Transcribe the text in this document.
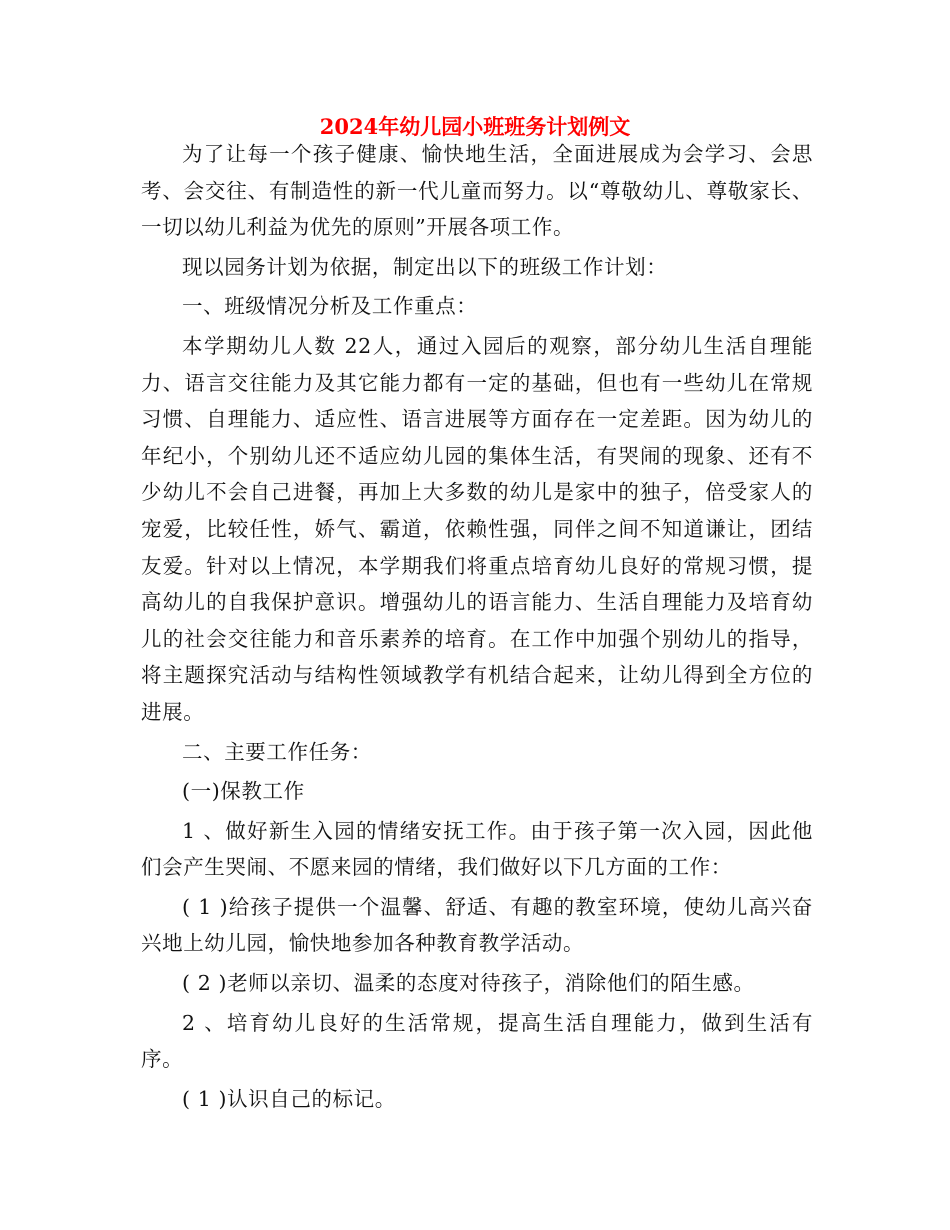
2024年幼儿园小班班务计划例文

为了让每一个孩子健康、愉快地生活，全面进展成为会学习、会思考、会交往、有制造性的新一代儿童而努力。以“尊敬幼儿、尊敬家长、一切以幼儿利益为优先的原则”开展各项工作。

现以园务计划为依据，制定出以下的班级工作计划：

一、班级情况分析及工作重点：

本学期幼儿人数 22人，通过入园后的观察，部分幼儿生活自理能力、语言交往能力及其它能力都有一定的基础，但也有一些幼儿在常规习惯、自理能力、适应性、语言进展等方面存在一定差距。因为幼儿的年纪小，个别幼儿还不适应幼儿园的集体生活，有哭闹的现象、还有不少幼儿不会自己进餐，再加上大多数的幼儿是家中的独子，倍受家人的宠爱，比较任性，娇气、霸道，依赖性强，同伴之间不知道谦让，团结友爱。针对以上情况，本学期我们将重点培育幼儿良好的常规习惯，提高幼儿的自我保护意识。增强幼儿的语言能力、生活自理能力及培育幼儿的社会交往能力和音乐素养的培育。在工作中加强个别幼儿的指导，将主题探究活动与结构性领域教学有机结合起来，让幼儿得到全方位的进展。

二、主要工作任务：

(一)保教工作

1 、做好新生入园的情绪安抚工作。由于孩子第一次入园，因此他们会产生哭闹、不愿来园的情绪，我们做好以下几方面的工作：

( 1 )给孩子提供一个温馨、舒适、有趣的教室环境，使幼儿高兴奋兴地上幼儿园，愉快地参加各种教育教学活动。

( 2 )老师以亲切、温柔的态度对待孩子，消除他们的陌生感。

2 、培育幼儿良好的生活常规，提高生活自理能力，做到生活有序。

( 1 )认识自己的标记。
